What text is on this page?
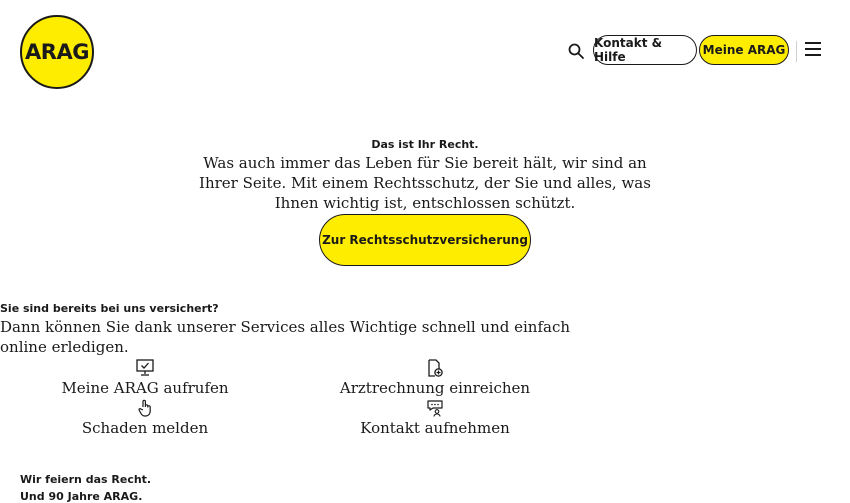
ARAG	Kontakt & Hilfe	Meine ARAG
Das ist Ihr Recht.
Was auch immer das Leben für Sie bereit hält, wir sind an Ihrer Seite. Mit einem Rechtsschutz, der Sie und alles, was Ihnen wichtig ist, entschlossen schützt.
Zur Rechtsschutzversicherung
Sie sind bereits bei uns versichert?
Dann können Sie dank unserer Services alles Wichtige schnell und einfach online erledigen.
Meine ARAG aufrufen	Arztrechnung einreichen
Schaden melden	Kontakt aufnehmen
Wir feiern das Recht.
Und 90 Jahre ARAG.
